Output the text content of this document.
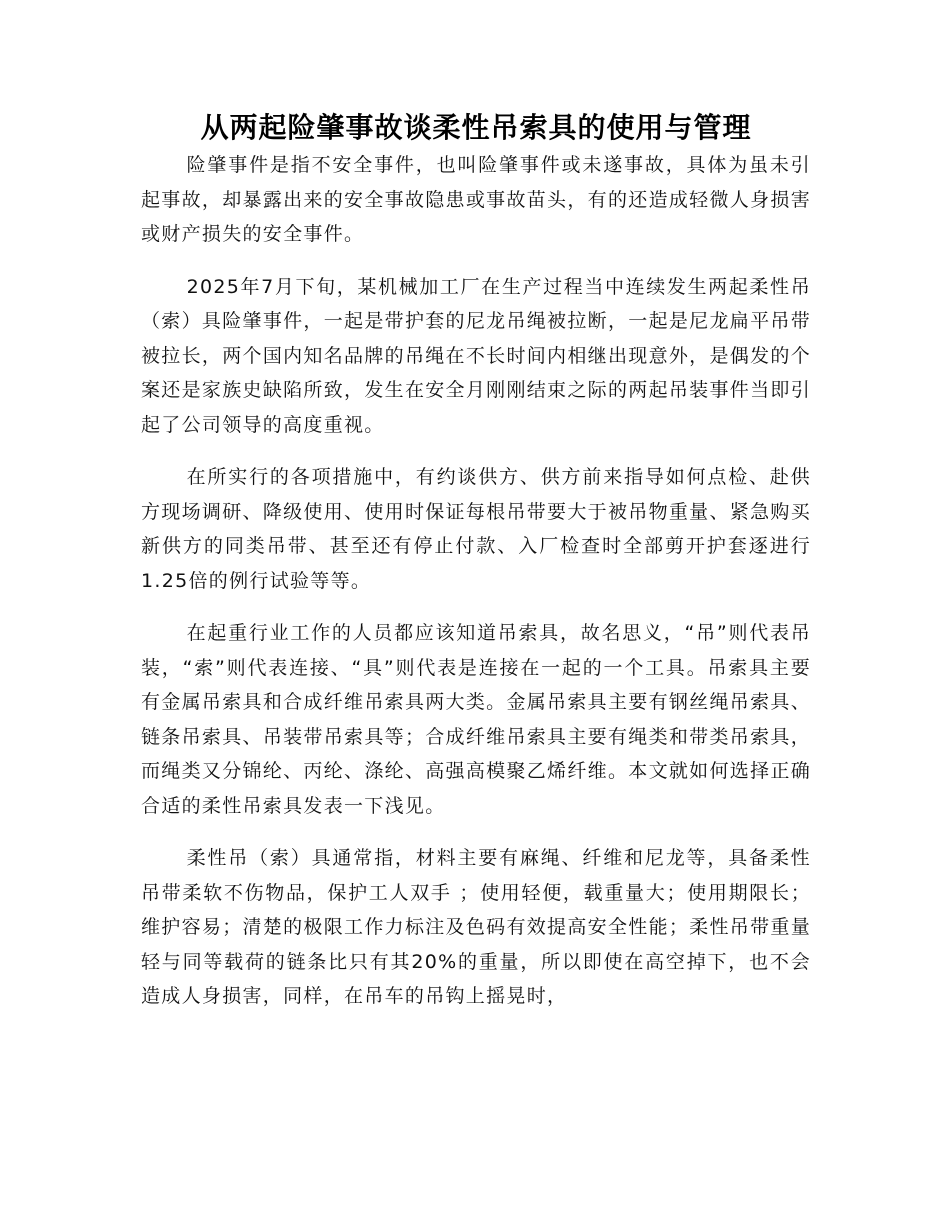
从两起险肇事故谈柔性吊索具的使用与管理

险肇事件是指不安全事件，也叫险肇事件或未遂事故，具体为虽未引起事故，却暴露出来的安全事故隐患或事故苗头，有的还造成轻微人身损害或财产损失的安全事件。

2025年7月下旬，某机械加工厂在生产过程当中连续发生两起柔性吊（索）具险肇事件，一起是带护套的尼龙吊绳被拉断，一起是尼龙扁平吊带被拉长，两个国内知名品牌的吊绳在不长时间内相继出现意外，是偶发的个案还是家族史缺陷所致，发生在安全月刚刚结束之际的两起吊装事件当即引起了公司领导的高度重视。

在所实行的各项措施中，有约谈供方、供方前来指导如何点检、赴供方现场调研、降级使用、使用时保证每根吊带要大于被吊物重量、紧急购买新供方的同类吊带、甚至还有停止付款、入厂检查时全部剪开护套逐进行1.25倍的例行试验等等。

在起重行业工作的人员都应该知道吊索具，故名思义，“吊”则代表吊装，“索”则代表连接、“具”则代表是连接在一起的一个工具。吊索具主要有金属吊索具和合成纤维吊索具两大类。金属吊索具主要有钢丝绳吊索具、链条吊索具、吊装带吊索具等；合成纤维吊索具主要有绳类和带类吊索具，而绳类又分锦纶、丙纶、涤纶、高强高模聚乙烯纤维。本文就如何选择正确合适的柔性吊索具发表一下浅见。

柔性吊（索）具通常指，材料主要有麻绳、纤维和尼龙等，具备柔性吊带柔软不伤物品，保护工人双手 ；使用轻便，载重量大；使用期限长；维护容易；清楚的极限工作力标注及色码有效提高安全性能；柔性吊带重量轻与同等载荷的链条比只有其20%的重量，所以即使在高空掉下，也不会造成人身损害，同样，在吊车的吊钩上摇晃时，
